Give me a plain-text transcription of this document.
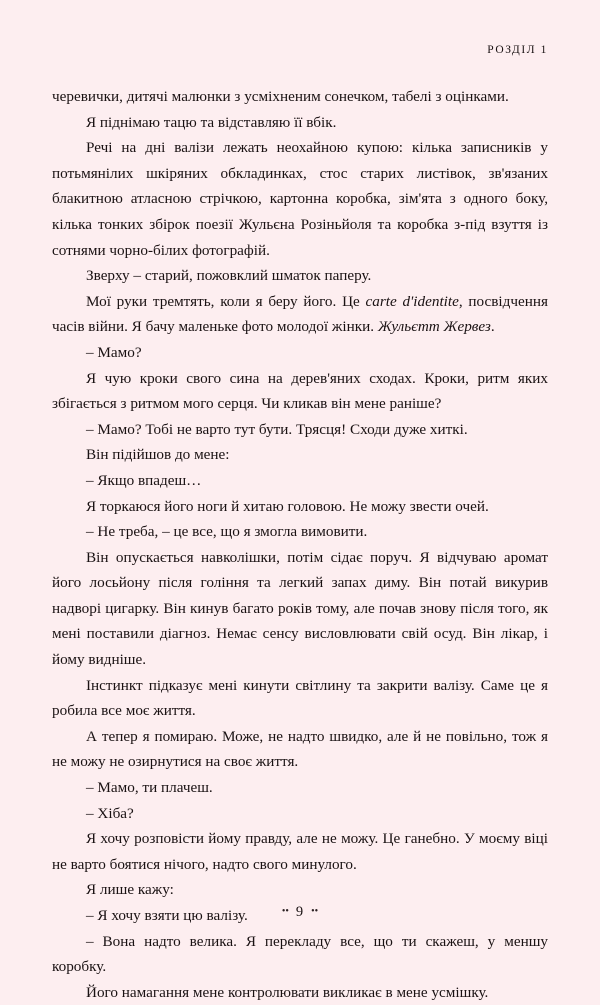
РОЗДІЛ 1

черевички, дитячі малюнки з усміхненим сонечком, табелі з оцінками.

Я піднімаю тацю та відставляю її вбік.

Речі на дні валізи лежать неохайною купою: кілька записників у потьмянілих шкіряних обкладинках, стос старих листівок, зв'язаних блакитною атласною стрічкою, картонна коробка, зім'ята з одного боку, кілька тонких збірок поезії Жульєна Розіньйоля та коробка з-під взуття із сотнями чорно-білих фотографій.

Зверху – старий, пожовклий шматок паперу.

Мої руки тремтять, коли я беру його. Це carte d'identite, посвідчення часів війни. Я бачу маленьке фото молодої жінки. Жульєтт Жервез.

– Мамо?

Я чую кроки свого сина на дерев'яних сходах. Кроки, ритм яких збігається з ритмом мого серця. Чи кликав він мене раніше?

– Мамо? Тобі не варто тут бути. Трясця! Сходи дуже хиткі.

Він підійшов до мене:

– Якщо впадеш…

Я торкаюся його ноги й хитаю головою. Не можу звести очей.

– Не треба, – це все, що я змогла вимовити.

Він опускається навколішки, потім сідає поруч. Я відчуваю аромат його лосьйону після гоління та легкий запах диму. Він потай викурив надворі цигарку. Він кинув багато років тому, але почав знову після того, як мені поставили діагноз. Немає сенсу висловлювати свій осуд. Він лікар, і йому видніше.

Інстинкт підказує мені кинути світлину та закрити валізу. Саме це я робила все моє життя.

А тепер я помираю. Може, не надто швидко, але й не повільно, тож я не можу не озирнутися на своє життя.

– Мамо, ти плачеш.

– Хіба?

Я хочу розповісти йому правду, але не можу. Це ганебно. У моєму віці не варто боятися нічого, надто свого минулого.

Я лише кажу:

– Я хочу взяти цю валізу.

– Вона надто велика. Я перекладу все, що ти скажеш, у меншу коробку.

Його намагання мене контролювати викликає в мене усмішку.

•• 9 ••
